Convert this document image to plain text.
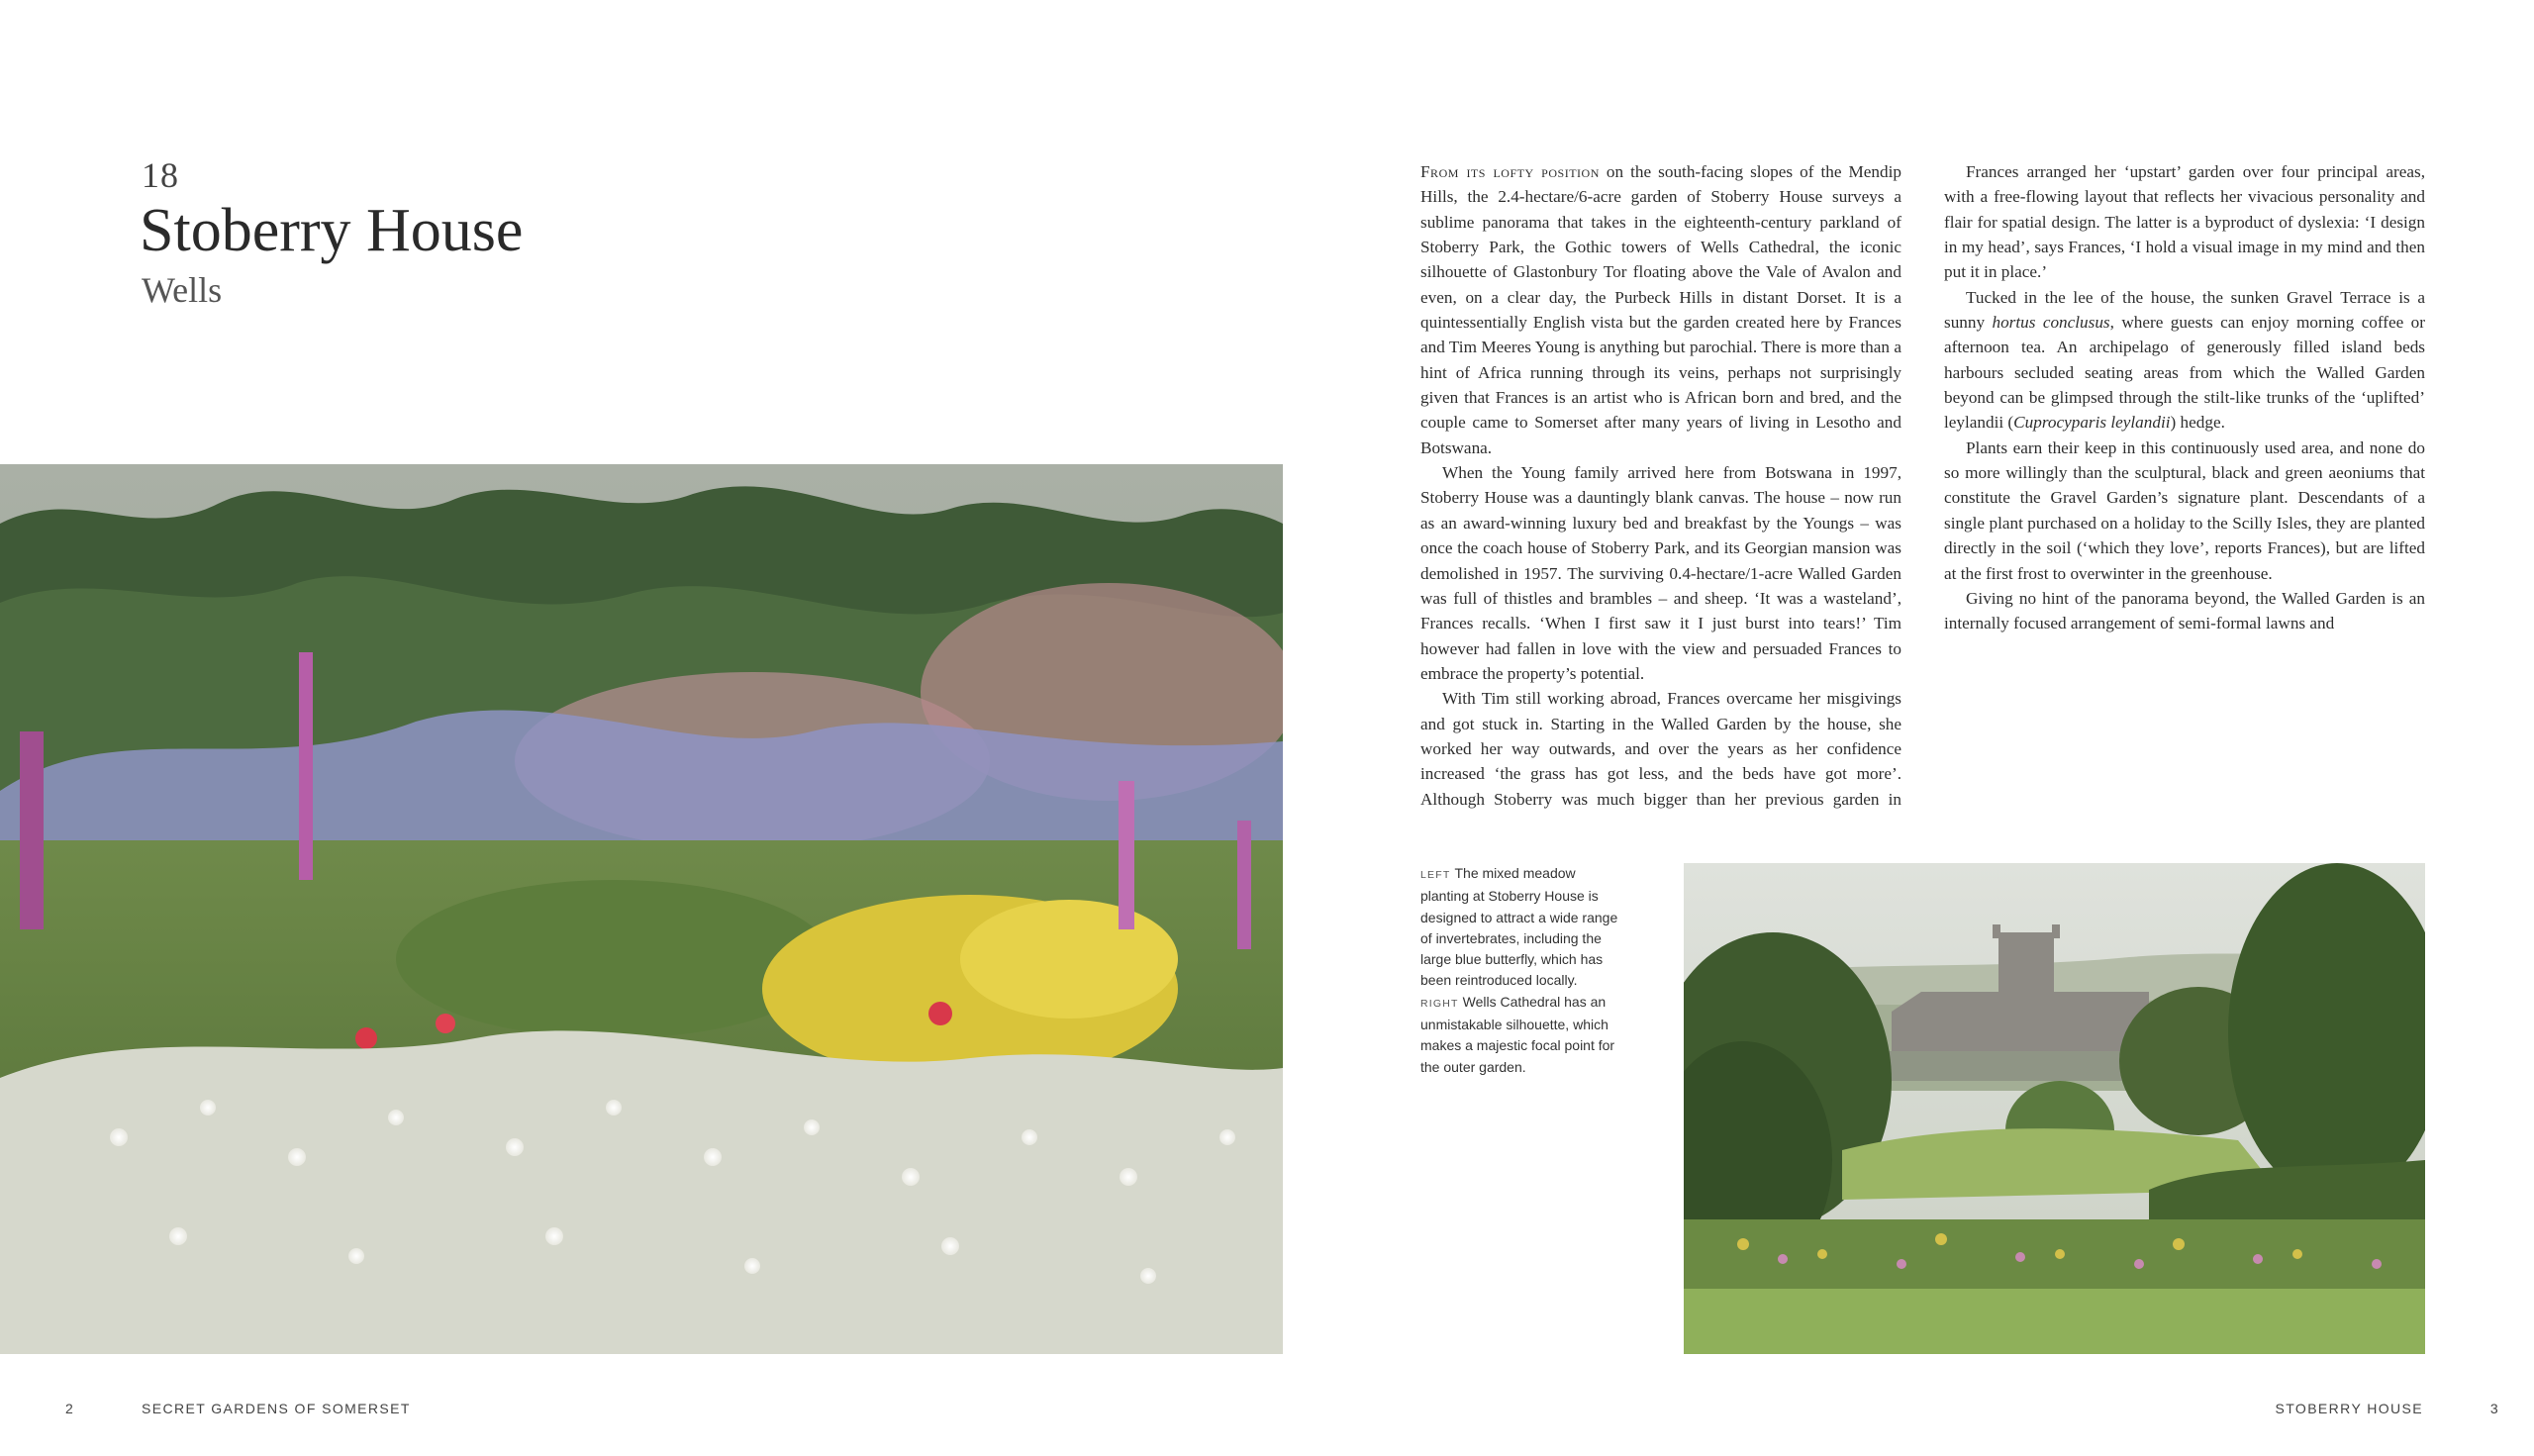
18
Stoberry House
Wells

From its lofty position on the south-facing slopes of the Mendip Hills, the 2.4-hectare/6-acre garden of Stoberry House surveys a sublime panorama that takes in the eighteenth-century parkland of Stoberry Park, the Gothic towers of Wells Cathedral, the iconic silhouette of Glastonbury Tor floating above the Vale of Avalon and even, on a clear day, the Purbeck Hills in distant Dorset. It is a quintessentially English vista but the garden created here by Frances and Tim Meeres Young is anything but parochial. There is more than a hint of Africa running through its veins, perhaps not surprisingly given that Frances is an artist who is African born and bred, and the couple came to Somerset after many years of living in Lesotho and Botswana.

When the Young family arrived here from Botswana in 1997, Stoberry House was a dauntingly blank canvas. The house – now run as an award-winning luxury bed and breakfast by the Youngs – was once the coach house of Stoberry Park, and its Georgian mansion was demolished in 1957. The surviving 0.4-hectare/1-acre Walled Garden was full of thistles and brambles – and sheep. ‘It was a wasteland’, Frances recalls. ‘When I first saw it I just burst into tears!’ Tim however had fallen in love with the view and persuaded Frances to embrace the property’s potential.

With Tim still working abroad, Frances overcame her misgivings and got stuck in. Starting in the Walled Garden by the house, she worked her way outwards, and over the years as her confidence increased ‘the grass has got less, and the beds have got more’. Although Stoberry was much bigger than her previous garden in

Frances arranged her ‘upstart’ garden over four principal areas, with a free-flowing layout that reflects her vivacious personality and flair for spatial design. The latter is a byproduct of dyslexia: ‘I design in my head’, says Frances, ‘I hold a visual image in my mind and then put it in place.’

Tucked in the lee of the house, the sunken Gravel Terrace is a sunny hortus conclusus, where guests can enjoy morning coffee or afternoon tea. An archipelago of generously filled island beds harbours secluded seating areas from which the Walled Garden beyond can be glimpsed through the stilt-like trunks of the ‘uplifted’ leylandii (Cuprocyparis leylandii) hedge.

Plants earn their keep in this continuously used area, and none do so more willingly than the sculptural, black and green aeoniums that constitute the Gravel Garden’s signature plant. Descendants of a single plant purchased on a holiday to the Scilly Isles, they are planted directly in the soil (‘which they love’, reports Frances), but are lifted at the first frost to overwinter in the greenhouse.

Giving no hint of the panorama beyond, the Walled Garden is an internally focused arrangement of semi-formal lawns and

LEFT The mixed meadow
planting at Stoberry House is
designed to attract a wide range
of invertebrates, including the
large blue butterfly, which has
been reintroduced locally.
RIGHT Wells Cathedral has an
unmistakable silhouette, which
makes a majestic focal point for
the outer garden.
2	SECRET GARDENS OF SOMERSET	STOBERRY HOUSE	3
